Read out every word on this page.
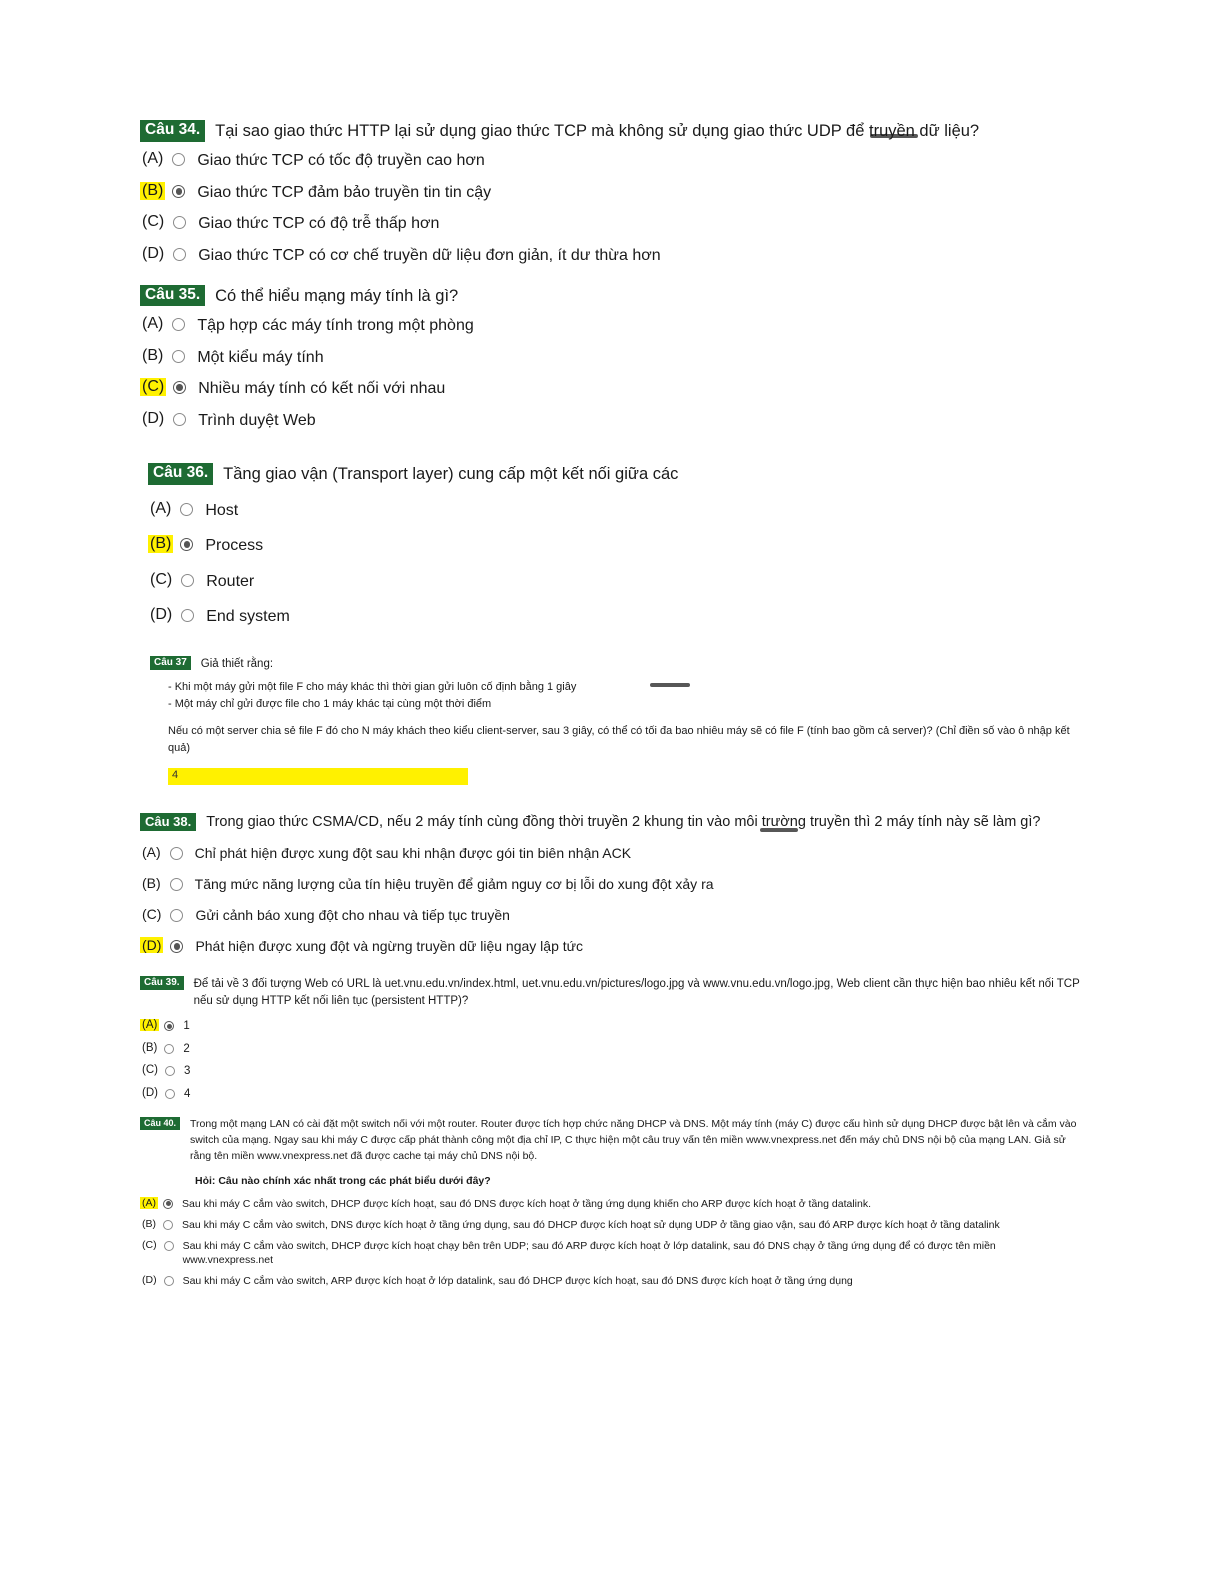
Câu 34. Tại sao giao thức HTTP lại sử dụng giao thức TCP mà không sử dụng giao thức UDP để truyền dữ liệu?
(A) Giao thức TCP có tốc độ truyền cao hơn
(B) Giao thức TCP đảm bảo truyền tin tin cậy
(C) Giao thức TCP có độ trễ thấp hơn
(D) Giao thức TCP có cơ chế truyền dữ liệu đơn giản, ít dư thừa hơn
Câu 35. Có thể hiểu mạng máy tính là gì?
(A) Tập hợp các máy tính trong một phòng
(B) Một kiểu máy tính
(C) Nhiều máy tính có kết nối với nhau
(D) Trình duyệt Web
Câu 36. Tầng giao vận (Transport layer) cung cấp một kết nối giữa các
(A) Host
(B) Process
(C) Router
(D) End system
Câu 37	Giả thiết rằng:
- Khi một máy gửi một file F cho máy khác thì thời gian gửi luôn cố định bằng 1 giây
- Một máy chỉ gửi được file cho 1 máy khác tại cùng một thời điểm
Nếu có một server chia sẻ file F đó cho N máy khách theo kiểu client-server, sau 3 giây, có thể có tối đa bao nhiêu máy sẽ có file F (tính bao gồm cả server)? (Chỉ điền số vào ô nhập kết quả)
4
Câu 38.	Trong giao thức CSMA/CD, nếu 2 máy tính cùng đồng thời truyền 2 khung tin vào môi trường truyền thì 2 máy tính này sẽ làm gì?
(A) Chỉ phát hiện được xung đột sau khi nhận được gói tin biên nhận ACK
(B) Tăng mức năng lượng của tín hiệu truyền để giảm nguy cơ bị lỗi do xung đột xảy ra
(C) Gửi cảnh báo xung đột cho nhau và tiếp tục truyền
(D) Phát hiện được xung đột và ngừng truyền dữ liệu ngay lập tức
Câu 39.	Để tải về 3 đối tượng Web có URL là uet.vnu.edu.vn/index.html, uet.vnu.edu.vn/pictures/logo.jpg và www.vnu.edu.vn/logo.jpg, Web client cần thực hiện bao nhiêu kết nối TCP nếu sử dụng HTTP kết nối liên tục (persistent HTTP)?
(A) 1
(B) 2
(C) 3
(D) 4
Câu 40.	Trong một mạng LAN có cài đặt một switch nối với một router. Router được tích hợp chức năng DHCP và DNS. Một máy tính (máy C) được cấu hình sử dụng DHCP được bật lên và cắm vào switch của mạng. Ngay sau khi máy C được cấp phát thành công một địa chỉ IP, C thực hiện một câu truy vấn tên miền www.vnexpress.net đến máy chủ DNS nội bộ của mạng LAN. Giả sử rằng tên miền www.vnexpress.net đã được cache tại máy chủ DNS nội bộ.
Hỏi: Câu nào chính xác nhất trong các phát biểu dưới đây?
(A) Sau khi máy C cắm vào switch, DHCP được kích hoạt, sau đó DNS được kích hoạt ở tầng ứng dụng khiến cho ARP được kích hoạt ở tầng datalink.
(B) Sau khi máy C cắm vào switch, DNS được kích hoạt ở tầng ứng dụng, sau đó DHCP được kích hoạt sử dụng UDP ở tầng giao vận, sau đó ARP được kích hoạt ở tầng datalink
(C) Sau khi máy C cắm vào switch, DHCP được kích hoạt chạy bên trên UDP; sau đó ARP được kích hoạt ở lớp datalink, sau đó DNS chạy ở tầng ứng dụng để có được tên miền www.vnexpress.net
(D) Sau khi máy C cắm vào switch, ARP được kích hoạt ở lớp datalink, sau đó DHCP được kích hoạt, sau đó DNS được kích hoạt ở tầng ứng dụng
